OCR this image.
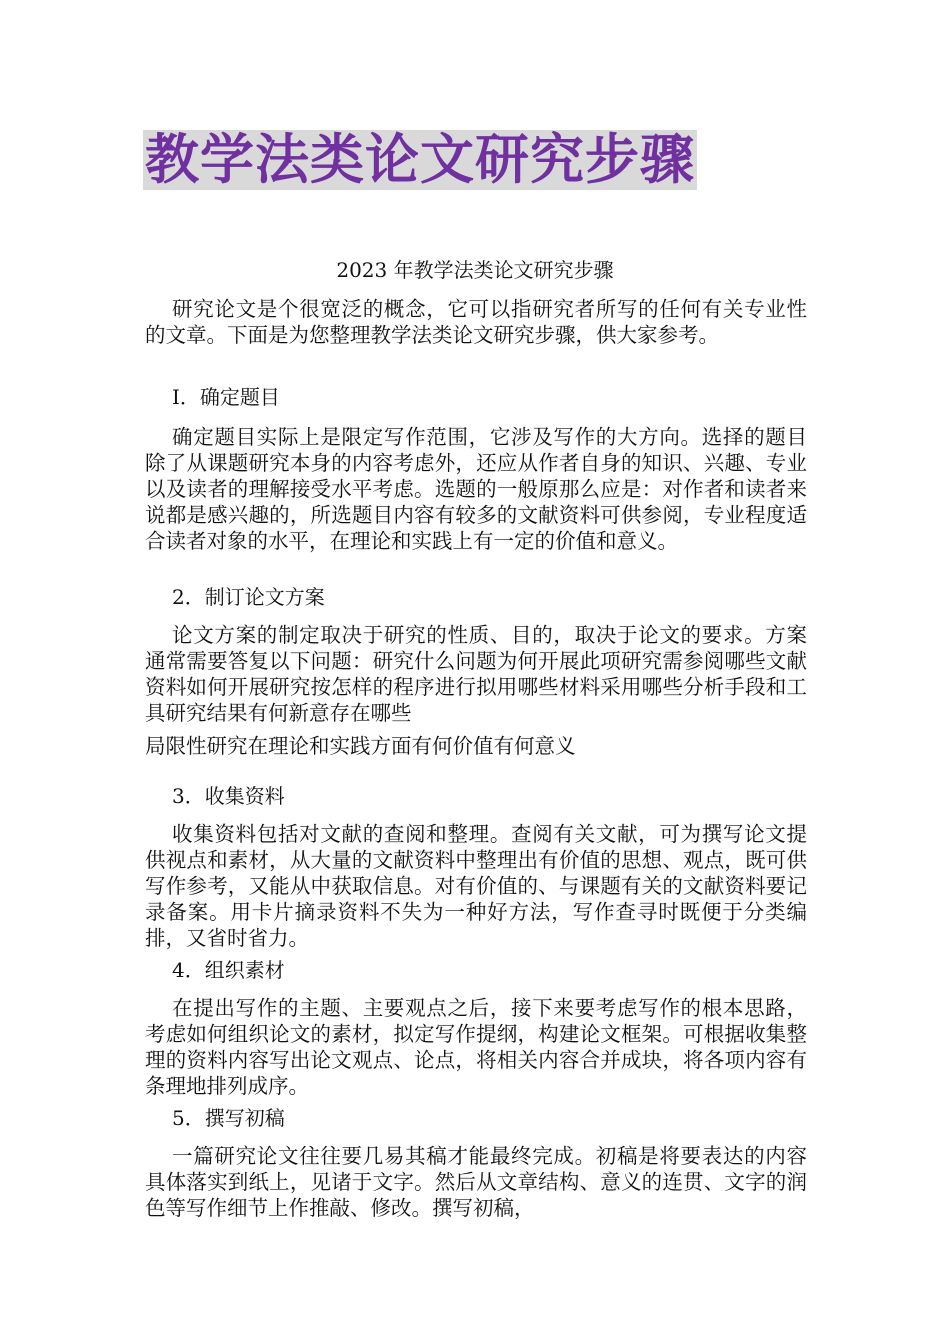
教学法类论文研究步骤
2023 年教学法类论文研究步骤
研究论文是个很宽泛的概念，它可以指研究者所写的任何有关专业性的文章。下面是为您整理教学法类论文研究步骤，供大家参考。
I．确定题目
确定题目实际上是限定写作范围，它涉及写作的大方向。选择的题目除了从课题研究本身的内容考虑外，还应从作者自身的知识、兴趣、专业以及读者的理解接受水平考虑。选题的一般原那么应是：对作者和读者来说都是感兴趣的，所选题目内容有较多的文献资料可供参阅，专业程度适合读者对象的水平，在理论和实践上有一定的价值和意义。
2．制订论文方案
论文方案的制定取决于研究的性质、目的，取决于论文的要求。方案通常需要答复以下问题：研究什么问题为何开展此项研究需参阅哪些文献资料如何开展研究按怎样的程序进行拟用哪些材料采用哪些分析手段和工具研究结果有何新意存在哪些
局限性研究在理论和实践方面有何价值有何意义
3．收集资料
收集资料包括对文献的查阅和整理。查阅有关文献，可为撰写论文提供视点和素材，从大量的文献资料中整理出有价值的思想、观点，既可供写作参考，又能从中获取信息。对有价值的、与课题有关的文献资料要记录备案。用卡片摘录资料不失为一种好方法，写作查寻时既便于分类编排，又省时省力。
4．组织素材
在提出写作的主题、主要观点之后，接下来要考虑写作的根本思路，考虑如何组织论文的素材，拟定写作提纲，构建论文框架。可根据收集整理的资料内容写出论文观点、论点，将相关内容合并成块，将各项内容有条理地排列成序。
5．撰写初稿
一篇研究论文往往要几易其稿才能最终完成。初稿是将要表达的内容具体落实到纸上，见诸于文字。然后从文章结构、意义的连贯、文字的润色等写作细节上作推敲、修改。撰写初稿，
